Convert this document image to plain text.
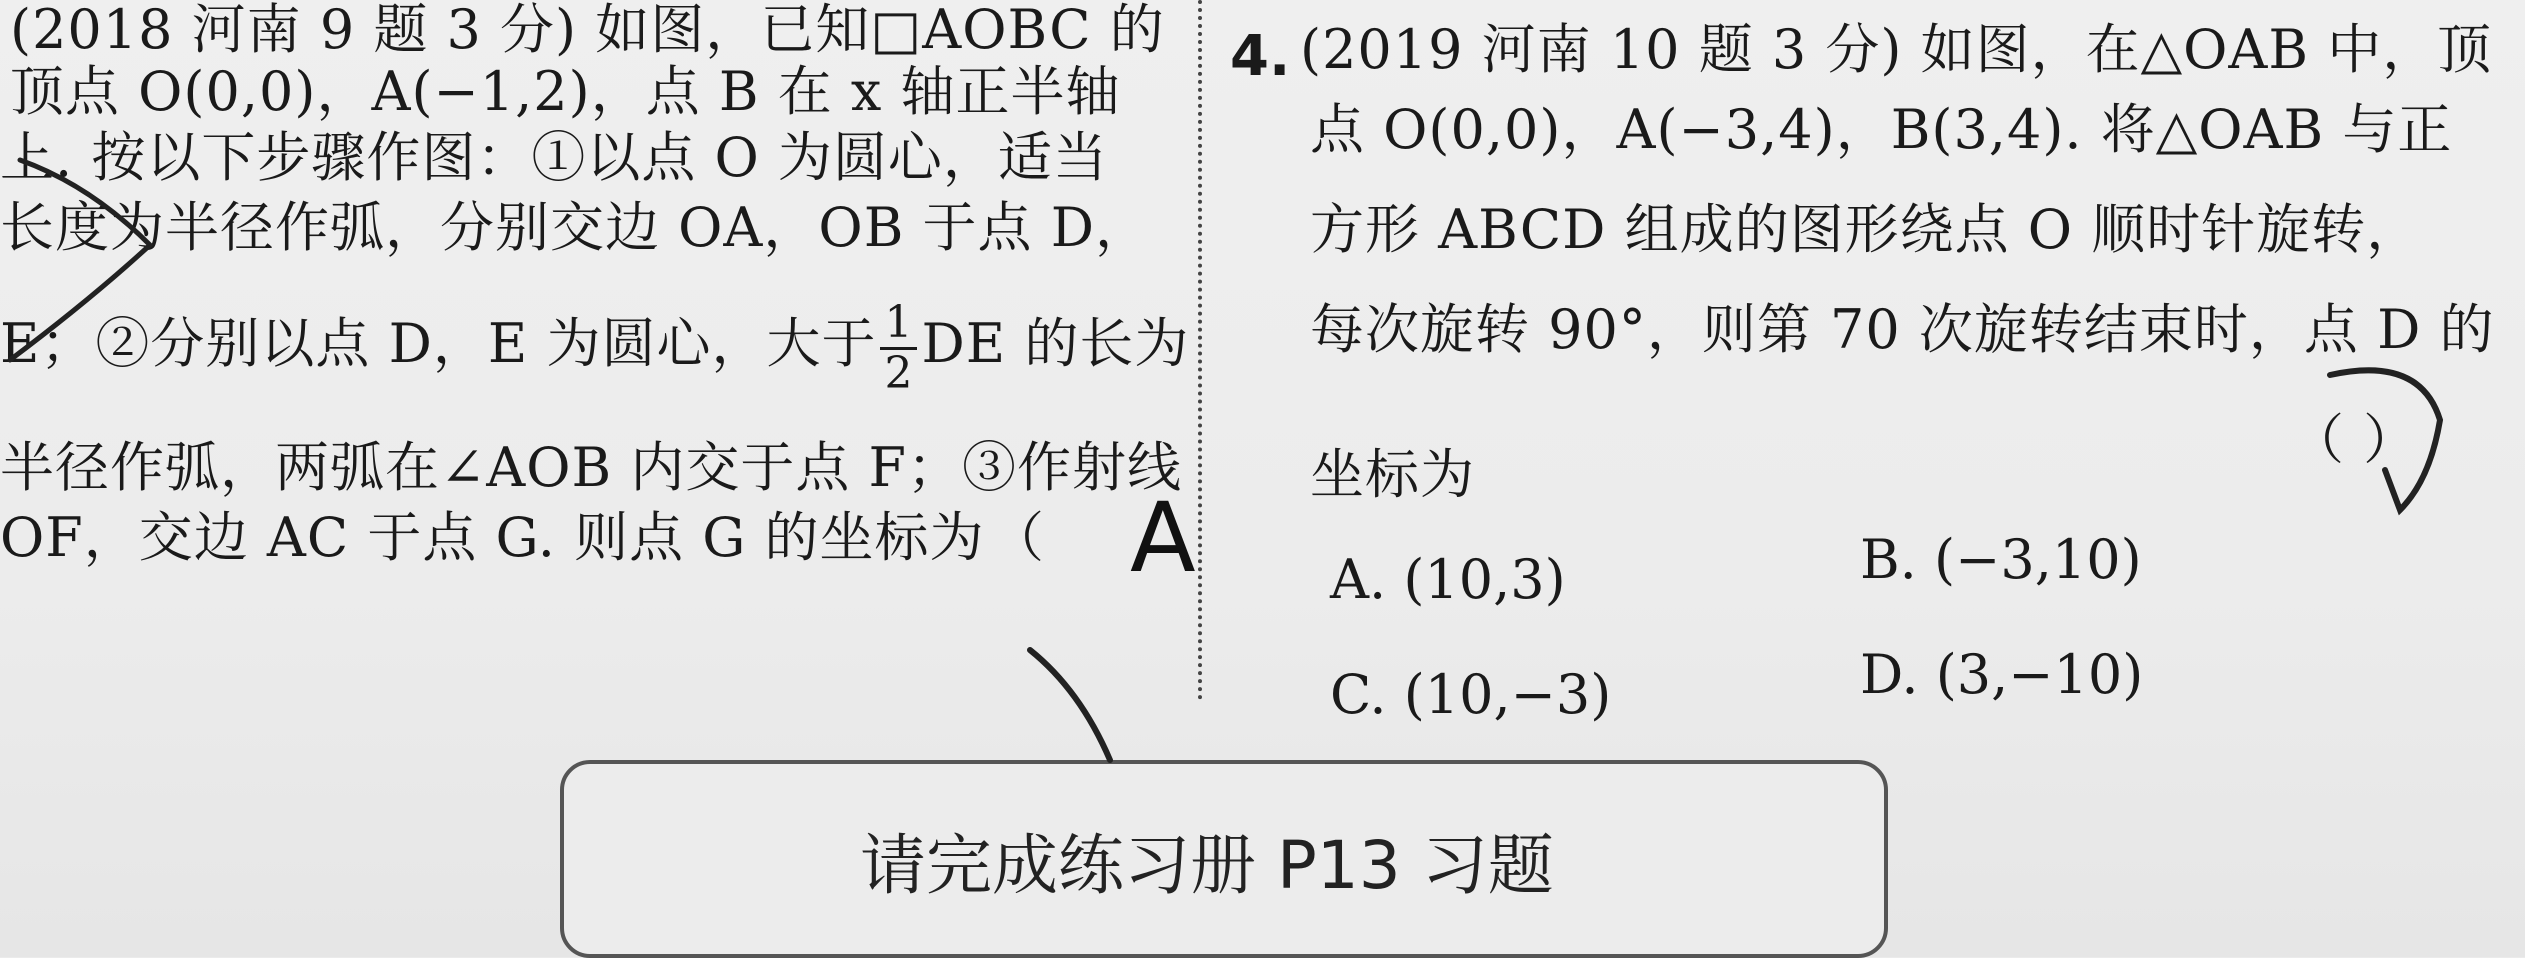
(2018 河南 9 题 3 分) 如图，已知□AOBC 的
顶点 O(0,0)，A(−1,2)，点 B 在 x 轴正半轴
上. 按以下步骤作图：①以点 O 为圆心，适当
长度为半径作弧，分别交边 OA，OB 于点 D，
E；②分别以点 D，E 为圆心，大于 $\frac{1}{2}$ DE 的长为
半径作弧，两弧在∠AOB 内交于点 F；③作射线
OF，交边 AC 于点 G. 则点 G 的坐标为 （ A
4. (2019 河南 10 题 3 分) 如图，在△OAB 中，顶
点 O(0,0)，A(−3,4)，B(3,4). 将△OAB 与正
方形 ABCD 组成的图形绕点 O 顺时针旋转，
每次旋转 90°，则第 70 次旋转结束时，点 D 的
坐标为
（ ）
A. (10,3)	B. (−3,10)
C. (10,−3)	D. (3,−10)
请完成练习册 P13 习题
